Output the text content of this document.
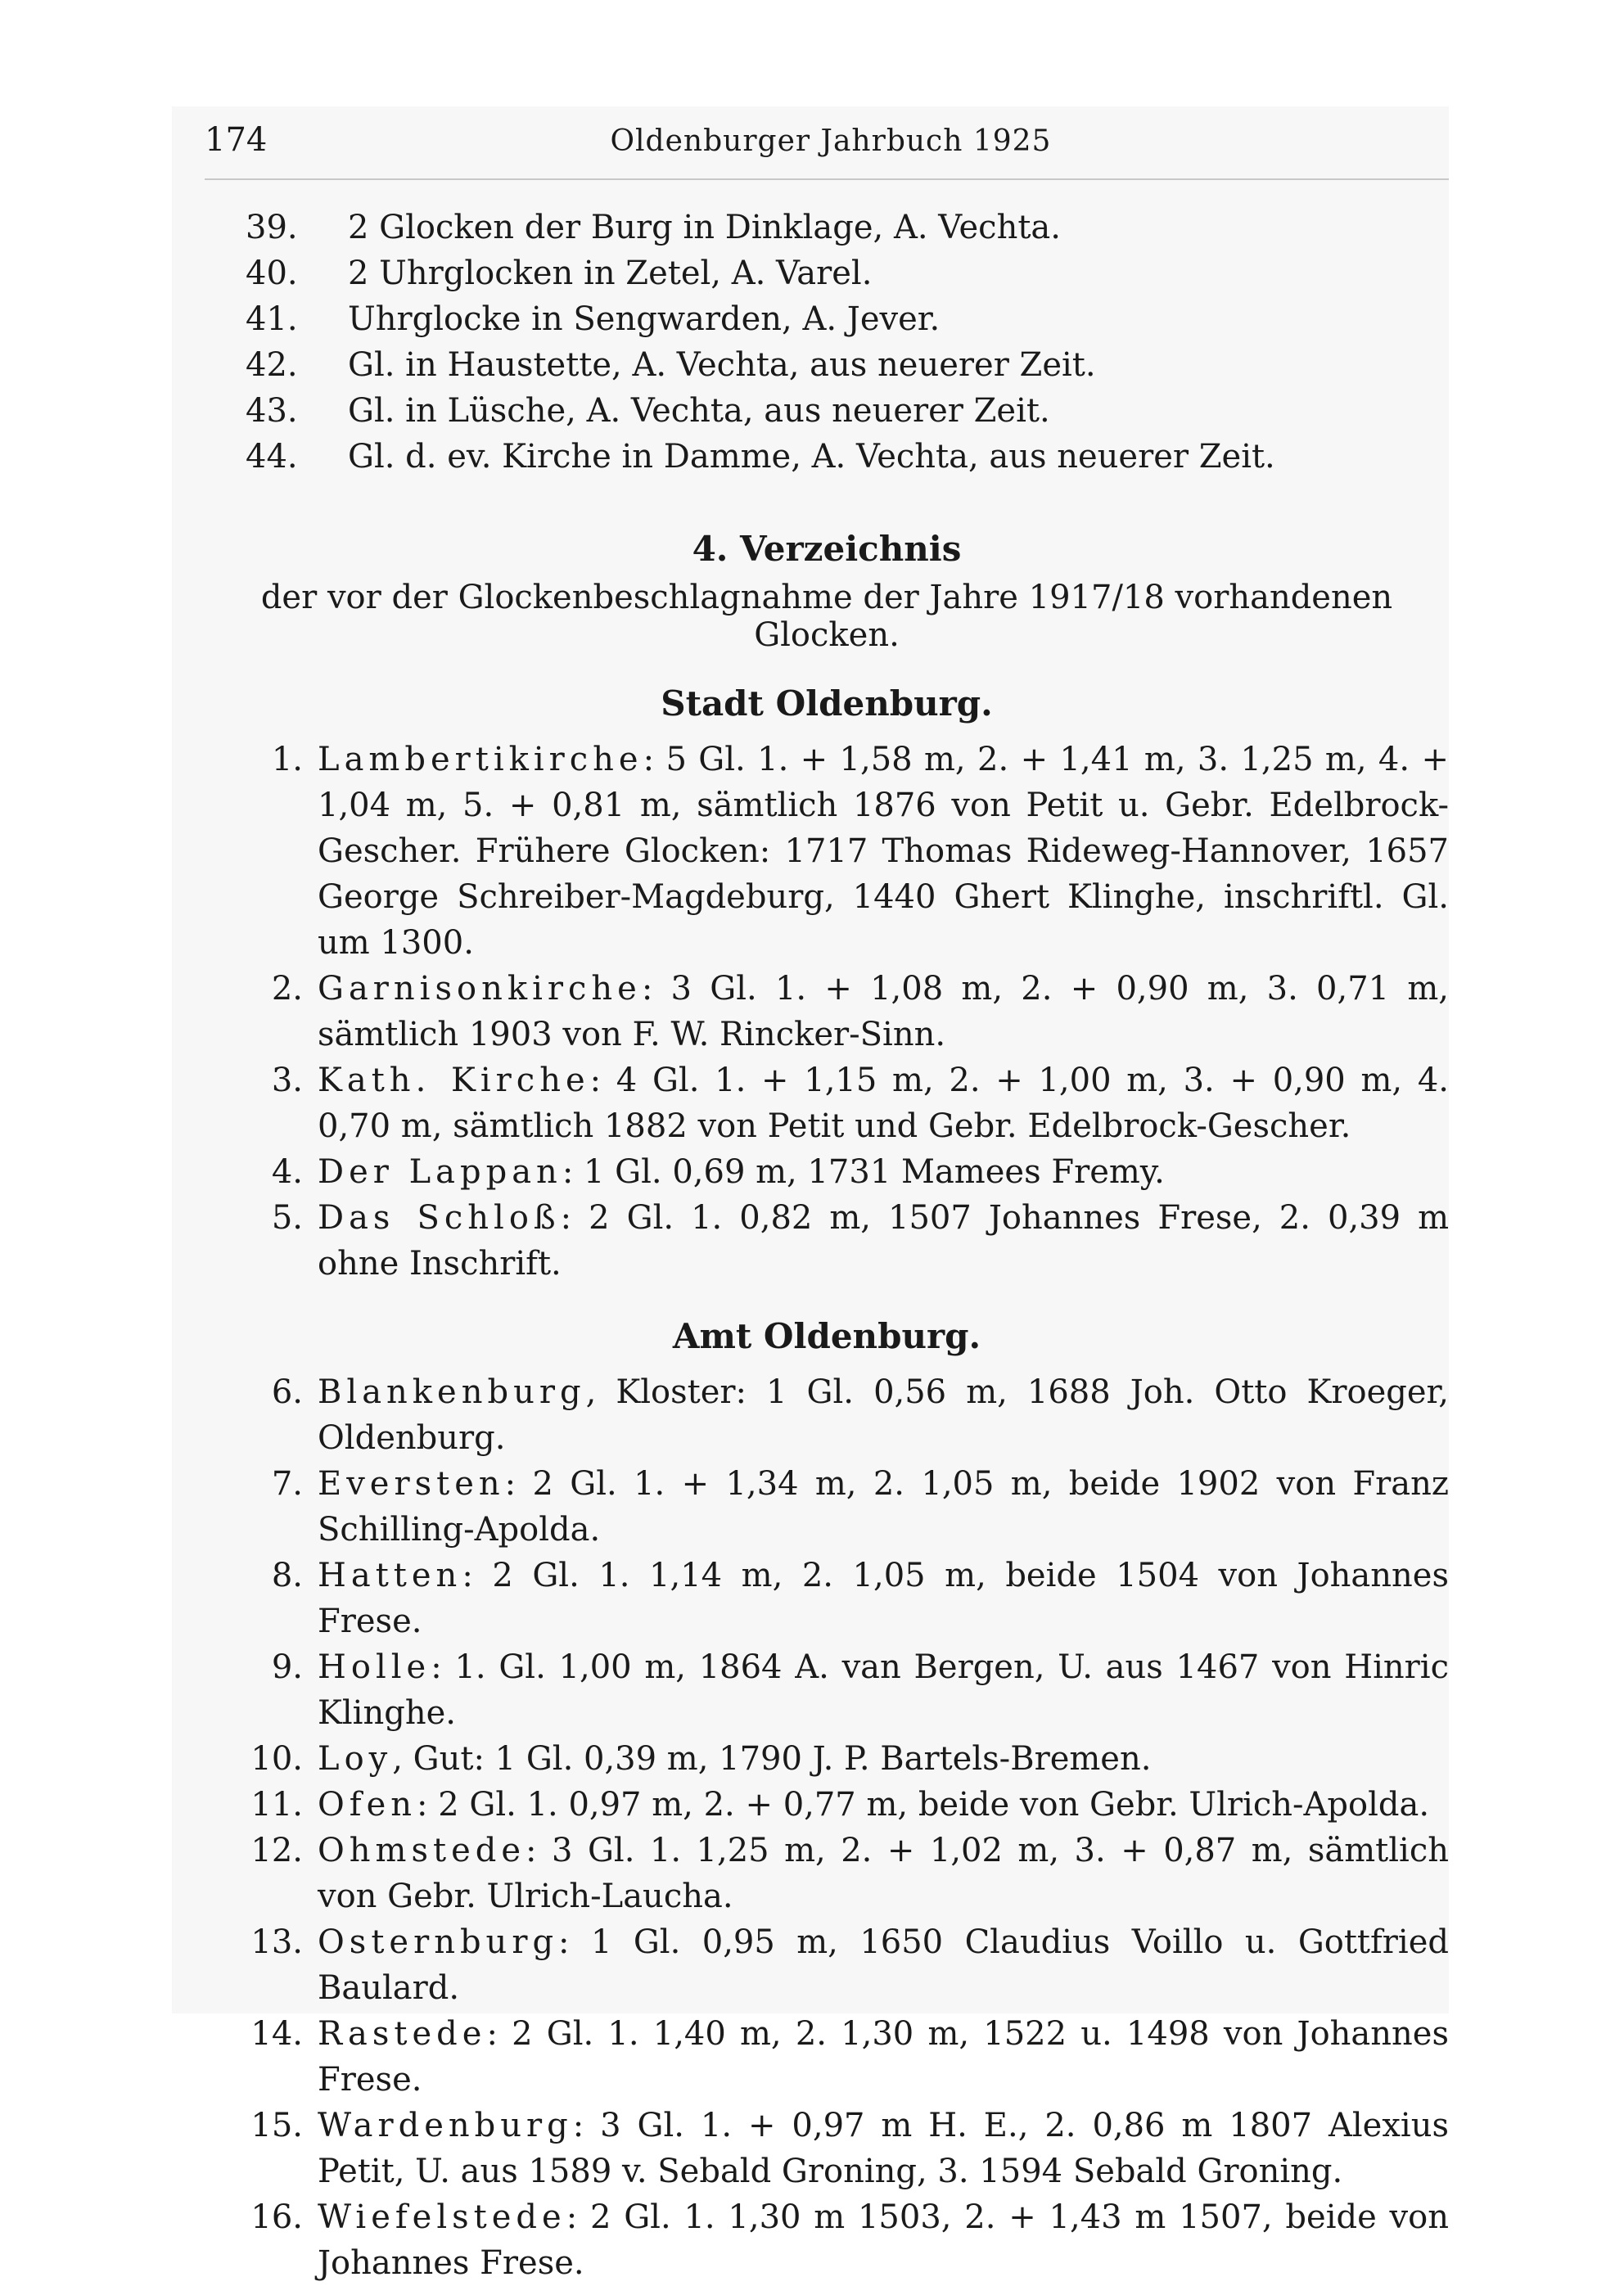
174	Oldenburger Jahrbuch 1925
39.	2 Glocken der Burg in Dinklage, A. Vechta.
40.	2 Uhrglocken in Zetel, A. Varel.
41.	Uhrglocke in Sengwarden, A. Jever.
42.	Gl. in Haustette, A. Vechta, aus neuerer Zeit.
43.	Gl. in Lüsche, A. Vechta, aus neuerer Zeit.
44.	Gl. d. ev. Kirche in Damme, A. Vechta, aus neuerer Zeit.
4. Verzeichnis
der vor der Glockenbeschlagnahme der Jahre 1917/18 vorhandenen Glocken.
Stadt Oldenburg.
1. Lambertikirche: 5 Gl. 1. + 1,58 m, 2. + 1,41 m, 3. 1,25 m, 4. + 1,04 m, 5. + 0,81 m, sämtlich 1876 von Petit u. Gebr. Edelbrock-Gescher. Frühere Glocken: 1717 Thomas Rideweg-Hannover, 1657 George Schreiber-Magdeburg, 1440 Ghert Klinghe, inschriftl. Gl. um 1300.
2. Garnisonkirche: 3 Gl. 1. + 1,08 m, 2. + 0,90 m, 3. 0,71 m, sämtlich 1903 von F. W. Rincker-Sinn.
3. Kath. Kirche: 4 Gl. 1. + 1,15 m, 2. + 1,00 m, 3. + 0,90 m, 4. 0,70 m, sämtlich 1882 von Petit und Gebr. Edelbrock-Gescher.
4. Der Lappan: 1 Gl. 0,69 m, 1731 Mamees Fremy.
5. Das Schloß: 2 Gl. 1. 0,82 m, 1507 Johannes Frese, 2. 0,39 m ohne Inschrift.
Amt Oldenburg.
6. Blankenburg, Kloster: 1 Gl. 0,56 m, 1688 Joh. Otto Kroeger, Oldenburg.
7. Eversten: 2 Gl. 1. + 1,34 m, 2. 1,05 m, beide 1902 von Franz Schilling-Apolda.
8. Hatten: 2 Gl. 1. 1,14 m, 2. 1,05 m, beide 1504 von Johannes Frese.
9. Holle: 1. Gl. 1,00 m, 1864 A. van Bergen, U. aus 1467 von Hinric Klinghe.
10. Loy, Gut: 1 Gl. 0,39 m, 1790 J. P. Bartels-Bremen.
11. Ofen: 2 Gl. 1. 0,97 m, 2. + 0,77 m, beide von Gebr. Ulrich-Apolda.
12. Ohmstede: 3 Gl. 1. 1,25 m, 2. + 1,02 m, 3. + 0,87 m, sämtlich von Gebr. Ulrich-Laucha.
13. Osternburg: 1 Gl. 0,95 m, 1650 Claudius Voillo u. Gottfried Baulard.
14. Rastede: 2 Gl. 1. 1,40 m, 2. 1,30 m, 1522 u. 1498 von Johannes Frese.
15. Wardenburg: 3 Gl. 1. + 0,97 m H. E., 2. 0,86 m 1807 Alexius Petit, U. aus 1589 v. Sebald Groning, 3. 1594 Sebald Groning.
16. Wiefelstede: 2 Gl. 1. 1,30 m 1503, 2. + 1,43 m 1507, beide von Johannes Frese.
